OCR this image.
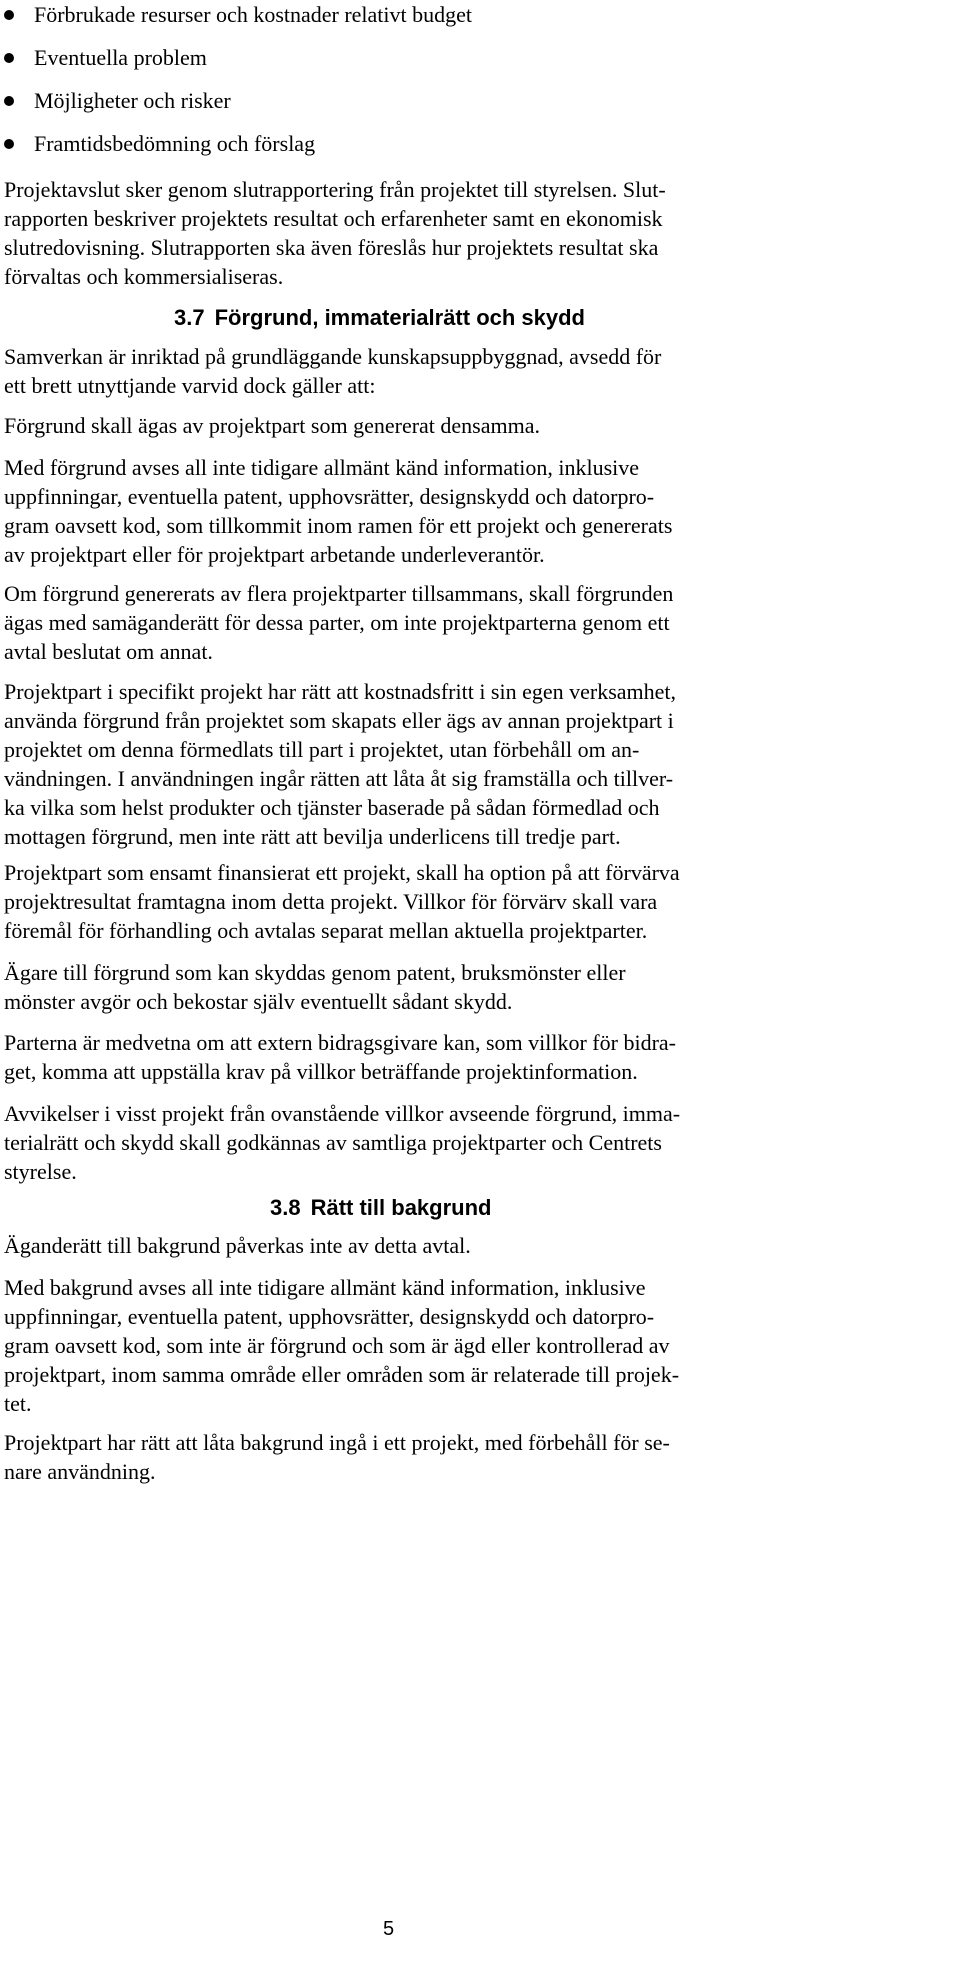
Förbrukade resurser och kostnader relativt budget
Eventuella problem
Möjligheter och risker
Framtidsbedömning och förslag
Projektavslut sker genom slutrapportering från projektet till styrelsen. Slut-
rapporten beskriver projektets resultat och erfarenheter samt en ekonomisk
slutredovisning. Slutrapporten ska även föreslås hur projektets resultat ska
förvaltas och kommersialiseras.
3.7 Förgrund, immaterialrätt och skydd
Samverkan är inriktad på grundläggande kunskapsuppbyggnad, avsedd för
ett brett utnyttjande varvid dock gäller att:
Förgrund skall ägas av projektpart som genererat densamma.
Med förgrund avses all inte tidigare allmänt känd information, inklusive
uppfinningar, eventuella patent, upphovsrätter, designskydd och datorpro-
gram oavsett kod, som tillkommit inom ramen för ett projekt och genererats
av projektpart eller för projektpart arbetande underleverantör.
Om förgrund genererats av flera projektparter tillsammans, skall förgrunden
ägas med samäganderätt för dessa parter, om inte projektparterna genom ett
avtal beslutat om annat.
Projektpart i specifikt projekt har rätt att kostnadsfritt i sin egen verksamhet,
använda förgrund från projektet som skapats eller ägs av annan projektpart i
projektet om denna förmedlats till part i projektet, utan förbehåll om an-
vändningen. I användningen ingår rätten att låta åt sig framställa och tillver-
ka vilka som helst produkter och tjänster baserade på sådan förmedlad och
mottagen förgrund, men inte rätt att bevilja underlicens till tredje part.
Projektpart som ensamt finansierat ett projekt, skall ha option på att förvärva
projektresultat framtagna inom detta projekt. Villkor för förvärv skall vara
föremål för förhandling och avtalas separat mellan aktuella projektparter.
Ägare till förgrund som kan skyddas genom patent, bruksmönster eller
mönster avgör och bekostar själv eventuellt sådant skydd.
Parterna är medvetna om att extern bidragsgivare kan, som villkor för bidra-
get, komma att uppställa krav på villkor beträffande projektinformation.
Avvikelser i visst projekt från ovanstående villkor avseende förgrund, imma-
terialrätt och skydd skall godkännas av samtliga projektparter och Centrets
styrelse.
3.8 Rätt till bakgrund
Äganderätt till bakgrund påverkas inte av detta avtal.
Med bakgrund avses all inte tidigare allmänt känd information, inklusive
uppfinningar, eventuella patent, upphovsrätter, designskydd och datorpro-
gram oavsett kod, som inte är förgrund och som är ägd eller kontrollerad av
projektpart, inom samma område eller områden som är relaterade till projek-
tet.
Projektpart har rätt att låta bakgrund ingå i ett projekt, med förbehåll för se-
nare användning.
5
